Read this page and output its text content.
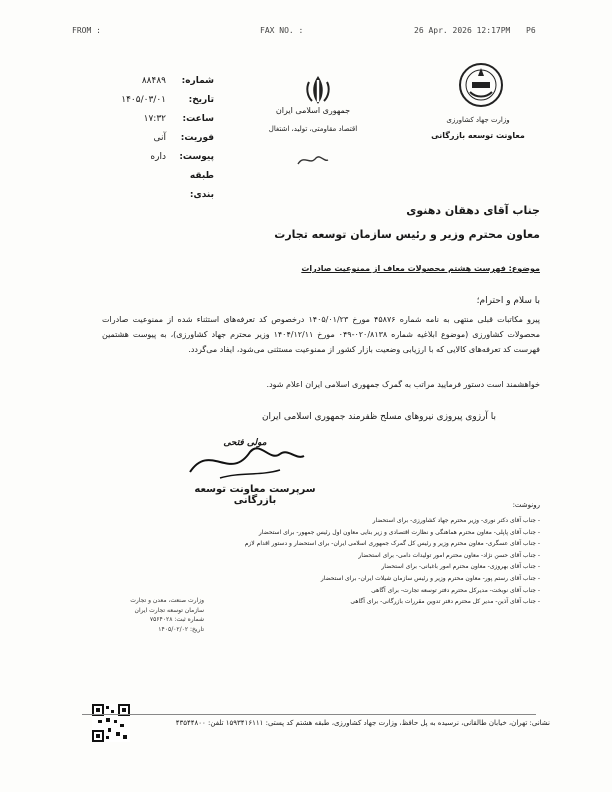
FROM :	FAX NO. :	26 Apr. 2026 12:17PM P6
شماره:
۸۸۴۸۹
تاریخ:
۱۴۰۵/۰۳/۰۱
ساعت:
۱۷:۳۲
فوریت:
آنی
پیوست:
داره
طبقه بندی:
جمهوری اسلامی ایران
اقتصاد مقاومتی، تولید، اشتغال
وزارت جهاد کشاورزی
معاونت توسعه بازرگانی
جناب آقای دهقان دهنوی
معاون محترم وزیر و رئیس سازمان توسعه تجارت
موضوع: فهرست هشتم محصولات معاف از ممنوعیت صادرات
با سلام و احترام؛
پیرو مکاتبات قبلی منتهی به نامه شماره ۴۵۸۷۶ مورخ ۱۴۰۵/۰۱/۲۳ درخصوص کد تعرفه‌های استثناء شده از ممنوعیت صادرات محصولات کشاورزی (موضوع ابلاغیه شماره ۰۲۰/۸۱۳۸-۰۴۹ مورخ ۱۴۰۴/۱۲/۱۱ وزیر محترم جهاد کشاورزی)، به پیوست هشتمین فهرست کد تعرفه‌های کالایی که با ارزیابی وضعیت بازار کشور از ممنوعیت مستثنی می‌شود، ایفاد می‌گردد.
خواهشمند است دستور فرمایید مراتب به گمرک جمهوری اسلامی ایران اعلام شود.
با آرزوی پیروزی نیروهای مسلح ظفرمند جمهوری اسلامی ایران
مولی فتحی
سرپرست معاونت توسعه بازرگانی	رونوشت:
- جناب آقای دکتر نوری- وزیر محترم جهاد کشاورزی- برای استحضار
- جناب آقای پاپلی- معاون محترم هماهنگی و نظارت اقتصادی و زیر بنایی معاون اول رئیس جمهور- برای استحضار
- جناب آقای عسگری- معاون محترم وزیر و رئیس کل گمرک جمهوری اسلامی ایران- برای استحضار و دستور اقدام لازم
- جناب آقای حسن نژاد- معاون محترم امور تولیدات دامی- برای استحضار
- جناب آقای بهروزی- معاون محترم امور باغبانی- برای استحضار
- جناب آقای رستم پور- معاون محترم وزیر و رئیس سازمان شیلات ایران- برای استحضار
- جناب آقای نوبخت- مدیرکل محترم دفتر توسعه تجارت- برای آگاهی
- جناب آقای آذین- مدیر کل محترم دفتر تدوین مقررات بازرگانی- برای آگاهی
وزارت صنعت، معدن و تجارت
سازمان توسعه تجارت ایران
شماره ثبت: ۷۵۶۴۰۲۸
تاریخ: ۱۴۰۵/۰۲/۰۲
نشانی: تهران، خیابان طالقانی، نرسیده به پل حافظ، وزارت جهاد کشاورزی، طبقه هشتم کد پستی: ۱۵۹۳۴۱۶۱۱۱ تلفن: ۴۳۵۴۴۸۰۰
